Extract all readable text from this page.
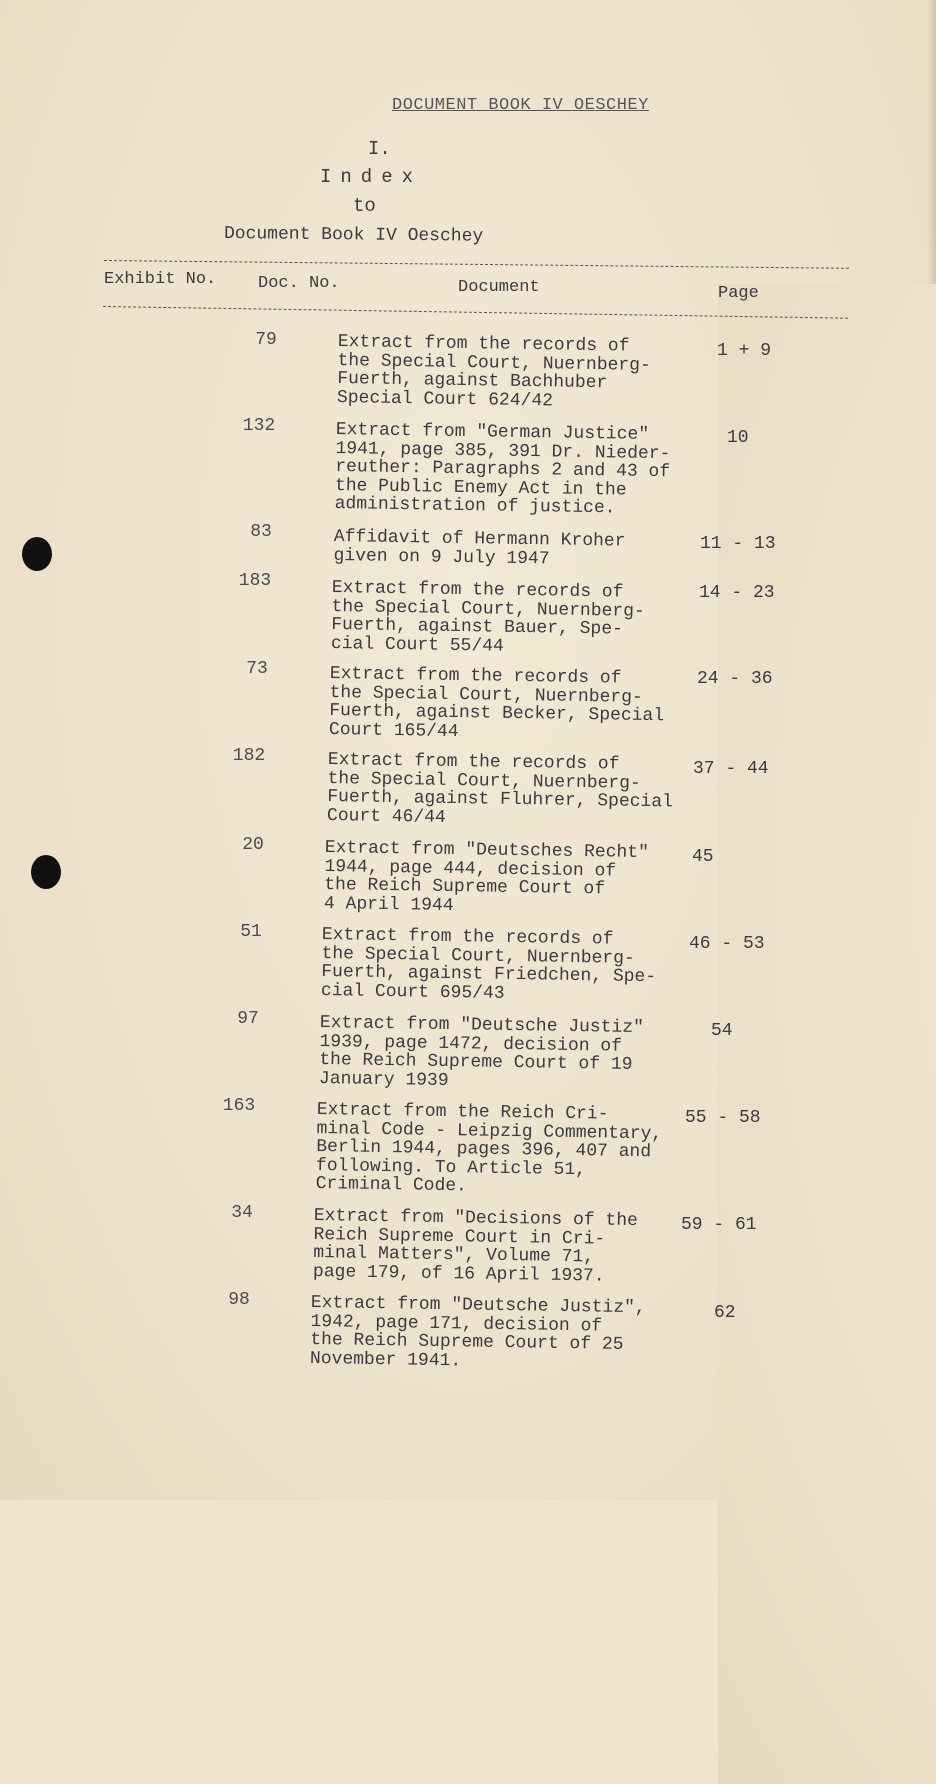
DOCUMENT BOOK IV OESCHEY
I.
Index
to
Document Book IV Oeschey
Exhibit No. Doc. No.	Document	Page
79	Extract from the records of
the Special Court, Nuernberg-
Fuerth, against Bachhuber
Special Court 624/42
1 + 9
132	Extract from "German Justice"
1941, page 385, 391 Dr. Nieder-
reuther: Paragraphs 2 and 43 of
the Public Enemy Act in the
administration of justice.
10
83	Affidavit of Hermann Kroher
given on 9 July 1947
11 - 13
183	Extract from the records of
the Special Court, Nuernberg-
Fuerth, against Bauer, Spe-
cial Court 55/44
14 - 23
73	Extract from the records of
the Special Court, Nuernberg-
Fuerth, against Becker, Special
Court 165/44
24 - 36
182	Extract from the records of
the Special Court, Nuernberg-
Fuerth, against Fluhrer, Special
Court 46/44
37 - 44
20	Extract from "Deutsches Recht"
1944, page 444, decision of
the Reich Supreme Court of
4 April 1944
45
51	Extract from the records of
the Special Court, Nuernberg-
Fuerth, against Friedchen, Spe-
cial Court 695/43
46 - 53
97	Extract from "Deutsche Justiz"
1939, page 1472, decision of
the Reich Supreme Court of 19
January 1939
54
163	Extract from the Reich Cri-
minal Code - Leipzig Commentary,
Berlin 1944, pages 396, 407 and
following. To Article 51,
Criminal Code.
55 - 58
34	Extract from "Decisions of the
Reich Supreme Court in Cri-
minal Matters", Volume 71,
page 179, of 16 April 1937.
59 - 61
98	Extract from "Deutsche Justiz",
1942, page 171, decision of
the Reich Supreme Court of 25
November 1941.
62
